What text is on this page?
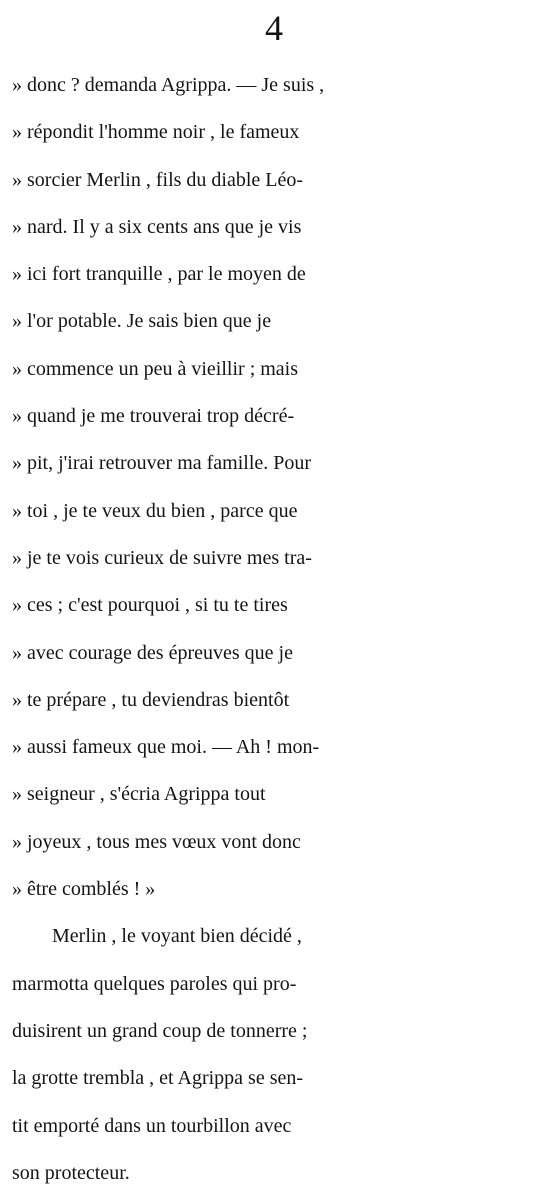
4
» donc ? demanda Agrippa. — Je suis ,
» répondit l'homme noir , le fameux
» sorcier Merlin , fils du diable Léo-
» nard. Il y a six cents ans que je vis
» ici fort tranquille , par le moyen de
» l'or potable. Je sais bien que je
» commence un peu à vieillir ; mais
» quand je me trouverai trop décré-
» pit, j'irai retrouver ma famille. Pour
» toi , je te veux du bien , parce que
» je te vois curieux de suivre mes tra-
» ces ; c'est pourquoi , si tu te tires
» avec courage des épreuves que je
» te prépare , tu deviendras bientôt
» aussi fameux que moi. — Ah ! mon-
» seigneur , s'écria Agrippa tout
» joyeux , tous mes vœux vont donc
» être comblés ! »
Merlin , le voyant bien décidé ,
marmotta quelques paroles qui pro-
duisirent un grand coup de tonnerre ;
la grotte trembla , et Agrippa se sen-
tit emporté dans un tourbillon avec
son protecteur.
